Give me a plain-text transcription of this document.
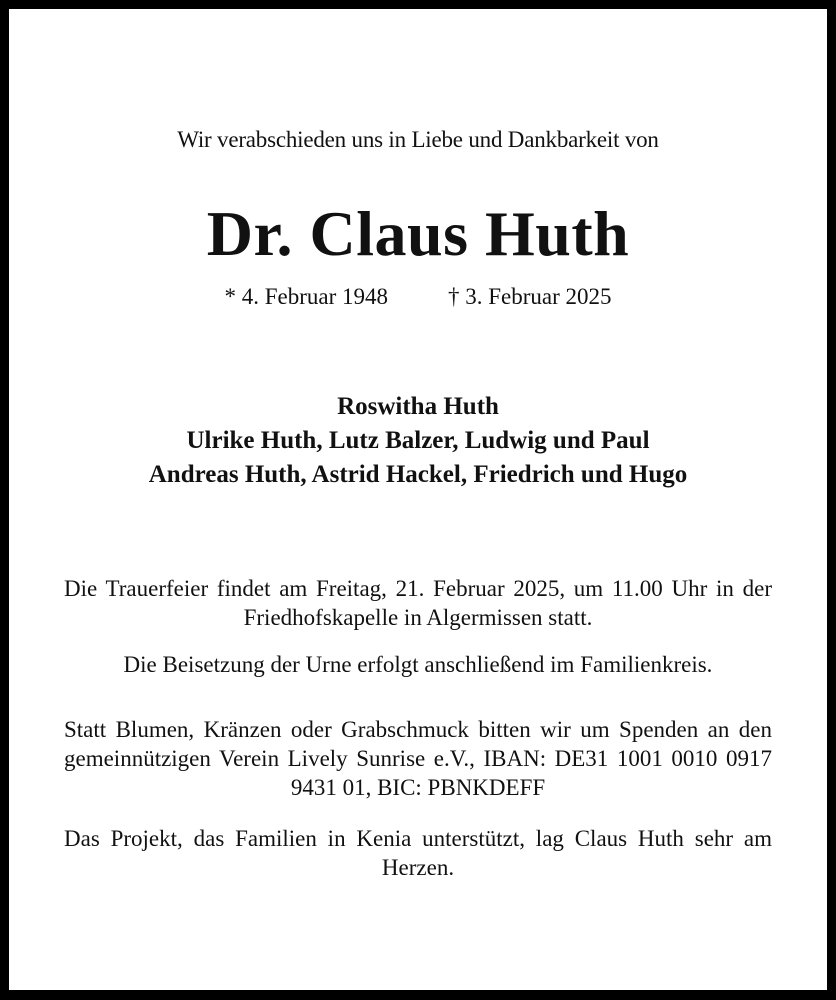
Wir verabschieden uns in Liebe und Dankbarkeit von
Dr. Claus Huth
* 4. Februar 1948	† 3. Februar 2025
Roswitha Huth
Ulrike Huth, Lutz Balzer, Ludwig und Paul
Andreas Huth, Astrid Hackel, Friedrich und Hugo
Die Trauerfeier findet am Freitag, 21. Februar 2025, um 11.00 Uhr in der Friedhofskapelle in Algermissen statt.
Die Beisetzung der Urne erfolgt anschließend im Familienkreis.
Statt Blumen, Kränzen oder Grabschmuck bitten wir um Spenden an den gemeinnützigen Verein Lively Sunrise e.V., IBAN: DE31 1001 0010 0917 9431 01, BIC: PBNKDEFF
Das Projekt, das Familien in Kenia unterstützt, lag Claus Huth sehr am Herzen.
